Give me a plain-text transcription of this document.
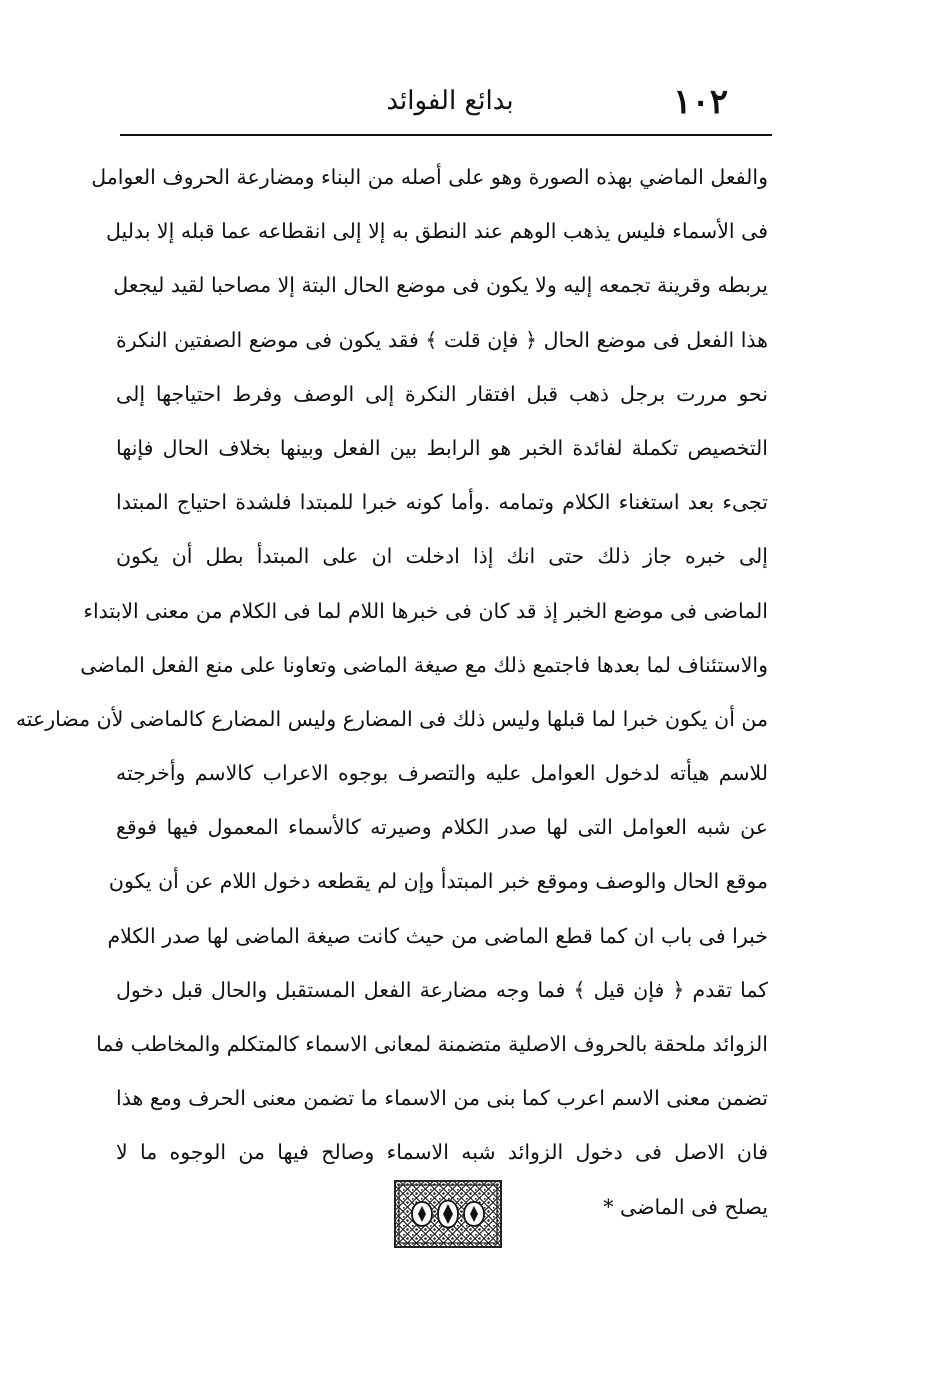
١٠٢
بدائع الفوائد
والفعل الماضي بهذه الصورة وهو على أصله من البناء ومضارعة الحروف العوامل
فى الأسماء فليس يذهب الوهم عند النطق به إلا إلى انقطاعه عما قبله إلا بدليل
يربطه وقرينة تجمعه إليه ولا يكون فى موضع الحال البتة إلا مصاحبا لقيد ليجعل
هذا الفعل فى موضع الحال ﴿ فإن قلت ﴾ فقد يكون فى موضع الصفتين النكرة
نحو مررت برجل ذهب قبل افتقار النكرة إلى الوصف وفرط احتياجها إلى
التخصيص تكملة لفائدة الخبر هو الرابط بين الفعل وبينها بخلاف الحال فإنها
تجىء بعد استغناء الكلام وتمامه .وأما كونه خبرا للمبتدا فلشدة احتياج المبتدا
إلى خبره جاز ذلك حتى انك إذا ادخلت ان على المبتدأ بطل أن يكون
الماضى فى موضع الخبر إذ قد كان فى خبرها اللام لما فى الكلام من معنى الابتداء
والاستئناف لما بعدها فاجتمع ذلك مع صيغة الماضى وتعاونا على منع الفعل الماضى
من أن يكون خبرا لما قبلها وليس ذلك فى المضارع وليس المضارع كالماضى لأن مضارعته
للاسم هيأته لدخول العوامل عليه والتصرف بوجوه الاعراب كالاسم وأخرجته
عن شبه العوامل التى لها صدر الكلام وصيرته كالأسماء المعمول فيها فوقع
موقع الحال والوصف وموقع خبر المبتدأ وإن لم يقطعه دخول اللام عن أن يكون
خبرا فى باب ان كما قطع الماضى من حيث كانت صيغة الماضى لها صدر الكلام
كما تقدم ﴿ فإن قيل ﴾ فما وجه مضارعة الفعل المستقبل والحال قبل دخول
الزوائد ملحقة بالحروف الاصلية متضمنة لمعانى الاسماء كالمتكلم والمخاطب فما
تضمن معنى الاسم اعرب كما بنى من الاسماء ما تضمن معنى الحرف ومع هذا
فان الاصل فى دخول الزوائد شبه الاسماء وصالح فيها من الوجوه ما لا
يصلح فى الماضى *
